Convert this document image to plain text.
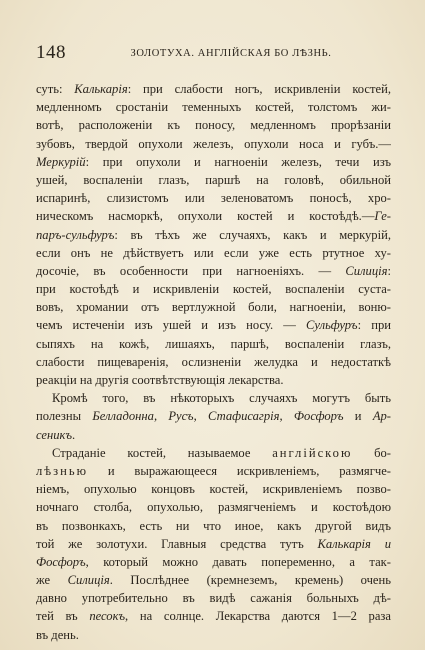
148	ЗОЛОТУХА. АНГЛІЙСКАЯ БО ЛѢЗНЬ.
суть: Калькарія: при слабости ногъ, искривленіи костей,
медленномъ сростаніи теменныхъ костей, толстомъ жи-
вотѣ, расположеніи къ поносу, медленномъ прорѣзаніи
зубовъ, твердой опухоли железъ, опухоли носа и губъ.—
Меркурій: при опухоли и нагноеніи железъ, течи изъ
ушей, воспаленіи глазъ, паршѣ на головѣ, обильной
испаринѣ, слизистомъ или зеленоватомъ поносѣ, хро-
ническомъ насморкѣ, опухоли костей и костоѣдѣ.—Ге-
паръ-сульфуръ: въ тѣхъ же случаяхъ, какъ и меркурій,
если онъ не дѣйствуетъ или если уже есть ртутное ху-
досочіе, въ особенности при нагноеніяхъ. — Силиція:
при костоѣдѣ и искривленіи костей, воспаленіи суста-
вовъ, хромании отъ вертлужной боли, нагноеніи, воню-
чемъ истеченіи изъ ушей и изъ носу. — Сульфуръ: при
сыпяхъ на кожѣ, лишаяхъ, паршѣ, воспаленіи глазъ,
слабости пищеваренія, ослизненіи желудка и недостаткѣ
реакціи на другія соотвѣтствующія лекарства.
Кромѣ того, въ нѣкоторыхъ случаяхъ могутъ быть
полезны Белладонна, Русъ, Стафисагрія, Фосфоръ и Ар-
сеникъ.
Страданіе костей, называемое англійскою бо-
лѣзнью и выражающееся искривленіемъ, размягче-
ніемъ, опухолью концовъ костей, искривленіемъ позво-
ночнаго столба, опухолью, размягченіемъ и костоѣдою
въ позвонкахъ, есть ни что иное, какъ другой видъ
той же золотухи. Главныя средства тутъ Калькарія и
Фосфоръ, который можно давать попеременно, а так-
же Силиція. Послѣднее (кремнеземъ, кремень) очень
давно употребительно въ видѣ сажанія больныхъ дѣ-
тей въ песокъ, на солнце. Лекарства даются 1—2 раза
въ день.
